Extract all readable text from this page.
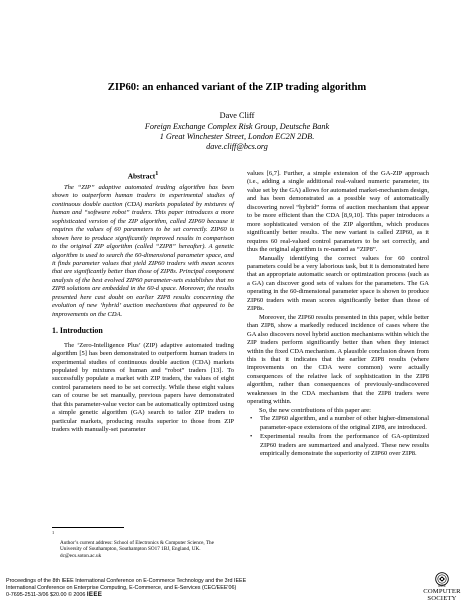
ZIP60: an enhanced variant of the ZIP trading algorithm
Dave Cliff
Foreign Exchange Complex Risk Group, Deutsche Bank
1 Great Winchester Street, London EC2N 2DB.
dave.cliff@bcs.org

Abstract$^1$

The “ZIP” adaptive automated trading algorithm has been shown to outperform human traders in experimental studies of continuous double auction (CDA) markets populated by mixtures of human and “software robot” traders. This paper introduces a more sophisticated version of the ZIP algorithm, called ZIP60 because it requires the values of 60 parameters to be set correctly. ZIP60 is shown here to produce significantly improved results in comparison to the original ZIP algorithm (called “ZIP8” hereafter). A genetic algorithm is used to search the 60-dimensional parameter space, and it finds parameter values that yield ZIP60 traders with mean scores that are significantly better than those of ZIP8s. Principal component analysis of the best evolved ZIP60 parameter-sets establishes that no ZIP8 solutions are embedded in the 60-d space. Moreover, the results presented here cast doubt on earlier ZIP8 results concerning the evolution of new ‘hybrid’ auction mechanisms that appeared to be improvements on the CDA.

1. Introduction

The ‘Zero-Intelligence Plus’ (ZIP) adaptive automated trading algorithm [5] has been demonstrated to outperform human traders in experimental studies of continuous double auction (CDA) markets populated by mixtures of human and “robot” traders [13]. To successfully populate a market with ZIP traders, the values of eight control parameters need to be set correctly. While these eight values can of course be set manually, previous papers have demonstrated that this parameter-value vector can be automatically optimized using a simple genetic algorithm (GA) search to tailor ZIP traders to particular markets, producing results superior to those from ZIP traders with manually-set parameter

values [6,7]. Further, a simple extension of the GA-ZIP approach (i.e., adding a single additional real-valued numeric parameter, its value set by the GA) allows for automated market-mechanism design, and has been demonstrated as a possible way of automatically discovering novel “hybrid” forms of auction mechanism that appear to be more efficient than the CDA [8,9,10]. This paper introduces a more sophisticated version of the ZIP algorithm, which produces significantly better results. The new variant is called ZIP60, as it requires 60 real-valued control parameters to be set correctly, and thus the original algorithm is re-named as “ZIP8”.

Manually identifying the correct values for 60 control parameters could be a very laborious task, but it is demonstrated here that an appropriate automatic search or optimization process (such as a GA) can discover good sets of values for the parameters. The GA operating in the 60-dimensional parameter space is shown to produce ZIP60 traders with mean scores significantly better than those of ZIP8s.

Moreover, the ZIP60 results presented in this paper, while better than ZIP8, show a markedly reduced incidence of cases where the GA also discovers novel hybrid auction mechanisms within which the ZIP traders perform significantly better than when they interact within the fixed CDA mechanism. A plausible conclusion drawn from this is that it indicates that the earlier ZIP8 results (where improvements on the CDA were common) were actually consequences of the relative lack of sophistication in the ZIP8 algorithm, rather than consequences of previously-undiscovered weaknesses in the CDA mechanism that the ZIP8 traders were operating within.

So, the new contributions of this paper are:

• The ZIP60 algorithm, and a number of other higher-dimensional parameter-space extensions of the original ZIP8, are introduced.
• Experimental results from the performance of GA-optimized ZIP60 traders are summarized and analyzed. These new results empirically demonstrate the superiority of ZIP60 over ZIP8.
$^1$
Author’s current address: School of Electronics & Computer Science, The University of Southampton, Southampton SO17 1BJ, England, UK. dc@ecs.soton.ac.uk
Proceedings of the 8th IEEE International Conference on E-Commerce Technology and the 3rd IEEE
International Conference on Enterprise Computing, E-Commerce, and E-Services (CEC/EEE'06)
0-7695-2511-3/06 $20.00 © 2006 IEEE
IEEE
COMPUTER
SOCIETY
